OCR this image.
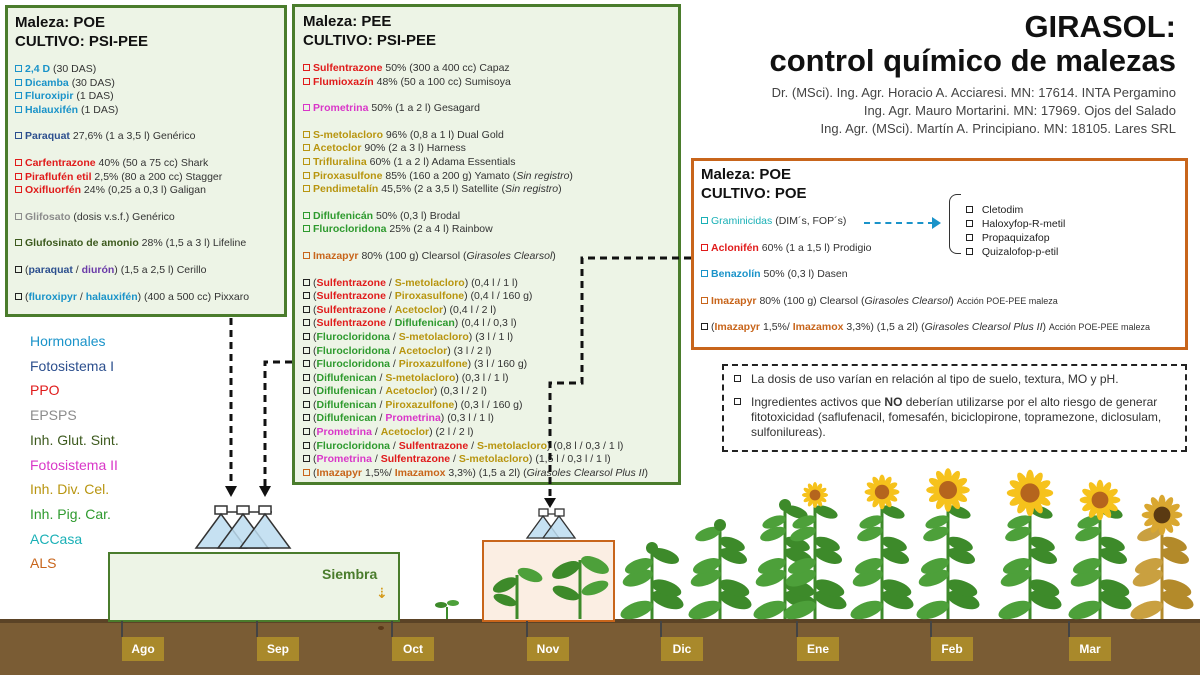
GIRASOL:
control químico de malezas
Dr. (MSci). Ing. Agr. Horacio A. Acciaresi. MN: 17614. INTA Pergamino
Ing. Agr. Mauro Mortarini. MN: 17969. Ojos del Salado
Ing. Agr. (MSci). Martín A. Principiano. MN: 18105. Lares SRL
Maleza: POE
CULTIVO: PSI-PEE
2,4 D (30 DAS)
Dicamba (30 DAS)
Fluroxipir (1 DAS)
Halauxifén (1 DAS)
Paraquat 27,6% (1 a 3,5 l) Genérico
Carfentrazone 40% (50 a 75 cc) Shark
Piraflufén etil 2,5% (80 a 200 cc) Stagger
Oxifluorfén 24% (0,25 a 0,3 l) Galigan
Glifosato (dosis v.s.f.) Genérico
Glufosinato de amonio 28% (1,5 a 3 l) Lifeline
(paraquat / diurón) (1,5 a 2,5 l) Cerillo
(fluroxipyr / halauxifén) (400 a 500 cc) Pixxaro
Maleza: PEE
CULTIVO: PSI-PEE
Sulfentrazone 50% (300 a 400 cc) Capaz
Flumioxazín 48% (50 a 100 cc) Sumisoya
Prometrina 50% (1 a 2 l) Gesagard
S-metolacloro 96% (0,8 a 1 l) Dual Gold
Acetoclor 90% (2 a 3 l) Harness
Trifluralina 60% (1 a 2 l) Adama Essentials
Piroxasulfone 85% (160 a 200 g) Yamato (Sin registro)
Pendimetalín 45,5% (2 a 3,5 l) Satellite (Sin registro)
Diflufenicán 50% (0,3 l) Brodal
Flurocloridona 25% (2 a 4 l) Rainbow
Imazapyr 80% (100 g) Clearsol (Girasoles Clearsol)
(Sulfentrazone / S-metolacloro) (0,4 l / 1 l)
(Sulfentrazone / Piroxasulfone) (0,4 l / 160 g)
(Sulfentrazone / Acetoclor) (0,4 l / 2 l)
(Sulfentrazone / Diflufenican) (0,4 l / 0,3 l)
(Flurocloridona / S-metolacloro) (3 l / 1 l)
(Flurocloridona / Acetoclor) (3 l / 2 l)
(Flurocloridona / Piroxazulfone) (3 l / 160 g)
(Diflufenican / S-metolacloro) (0,3 l / 1 l)
(Diflufenican / Acetoclor) (0,3 l / 2 l)
(Diflufenican / Piroxazulfone) (0,3 l / 160 g)
(Diflufenican / Prometrina) (0,3 l / 1 l)
(Prometrina / Acetoclor) (2 l / 2 l)
(Flurocloridona / Sulfentrazone / S-metolacloro) (0,8 l / 0,3 / 1 l)
(Prometrina / Sulfentrazone / S-metolacloro) (1,5 l / 0,3 l / 1 l)
(Imazapyr 1,5%/ Imazamox 3,3%) (1,5 a 2l) (Girasoles Clearsol Plus II)
Maleza: POE
CULTIVO: POE
Graminicidas (DIM´s, FOP´s)
Aclonifén 60% (1 a 1,5 l) Prodigio
Benazolín 50% (0,3 l) Dasen
Imazapyr 80% (100 g) Clearsol (Girasoles Clearsol) Acción POE-PEE maleza
(Imazapyr 1,5%/ Imazamox 3,3%) (1,5 a 2l) (Girasoles Clearsol Plus II) Acción POE-PEE maleza
Cletodim
Haloxyfop-R-metil
Propaquizafop
Quizalofop-p-etil
La dosis de uso varían en relación al tipo de suelo, textura, MO y pH.
Ingredientes activos que NO deberían utilizarse por el alto riesgo de generar fitotoxicidad (saflufenacil, fomesafén, biciclopirone, topramezone, diclosulam, sulfonilureas).
Hormonales
Fotosistema I
PPO
EPSPS
Inh. Glut. Sint.
Fotosistema II
Inh. Div. Cel.
Inh. Pig. Car.
ACCasa
ALS
Siembra
⇣
Ago	Sep	Oct	Nov	Dic	Ene	Feb	Mar
